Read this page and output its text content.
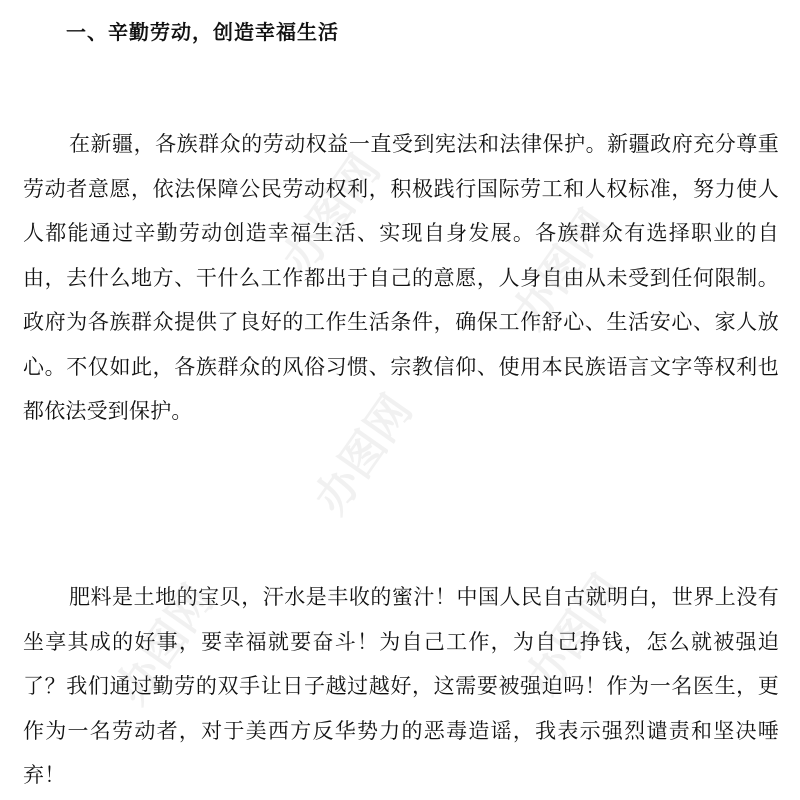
一、辛勤劳动，创造幸福生活

在新疆，各族群众的劳动权益一直受到宪法和法律保护。新疆政府充分尊重劳动者意愿，依法保障公民劳动权利，积极践行国际劳工和人权标准，努力使人人都能通过辛勤劳动创造幸福生活、实现自身发展。各族群众有选择职业的自由，去什么地方、干什么工作都出于自己的意愿，人身自由从未受到任何限制。政府为各族群众提供了良好的工作生活条件，确保工作舒心、生活安心、家人放心。不仅如此，各族群众的风俗习惯、宗教信仰、使用本民族语言文字等权利也都依法受到保护。

肥料是土地的宝贝，汗水是丰收的蜜汁！中国人民自古就明白，世界上没有坐享其成的好事，要幸福就要奋斗！为自己工作，为自己挣钱，怎么就被强迫了？我们通过勤劳的双手让日子越过越好，这需要被强迫吗！作为一名医生，更作为一名劳动者，对于美西方反华势力的恶毒造谣，我表示强烈谴责和坚决唾弃！

办图网	办图网
办图网
办图网	办图网
